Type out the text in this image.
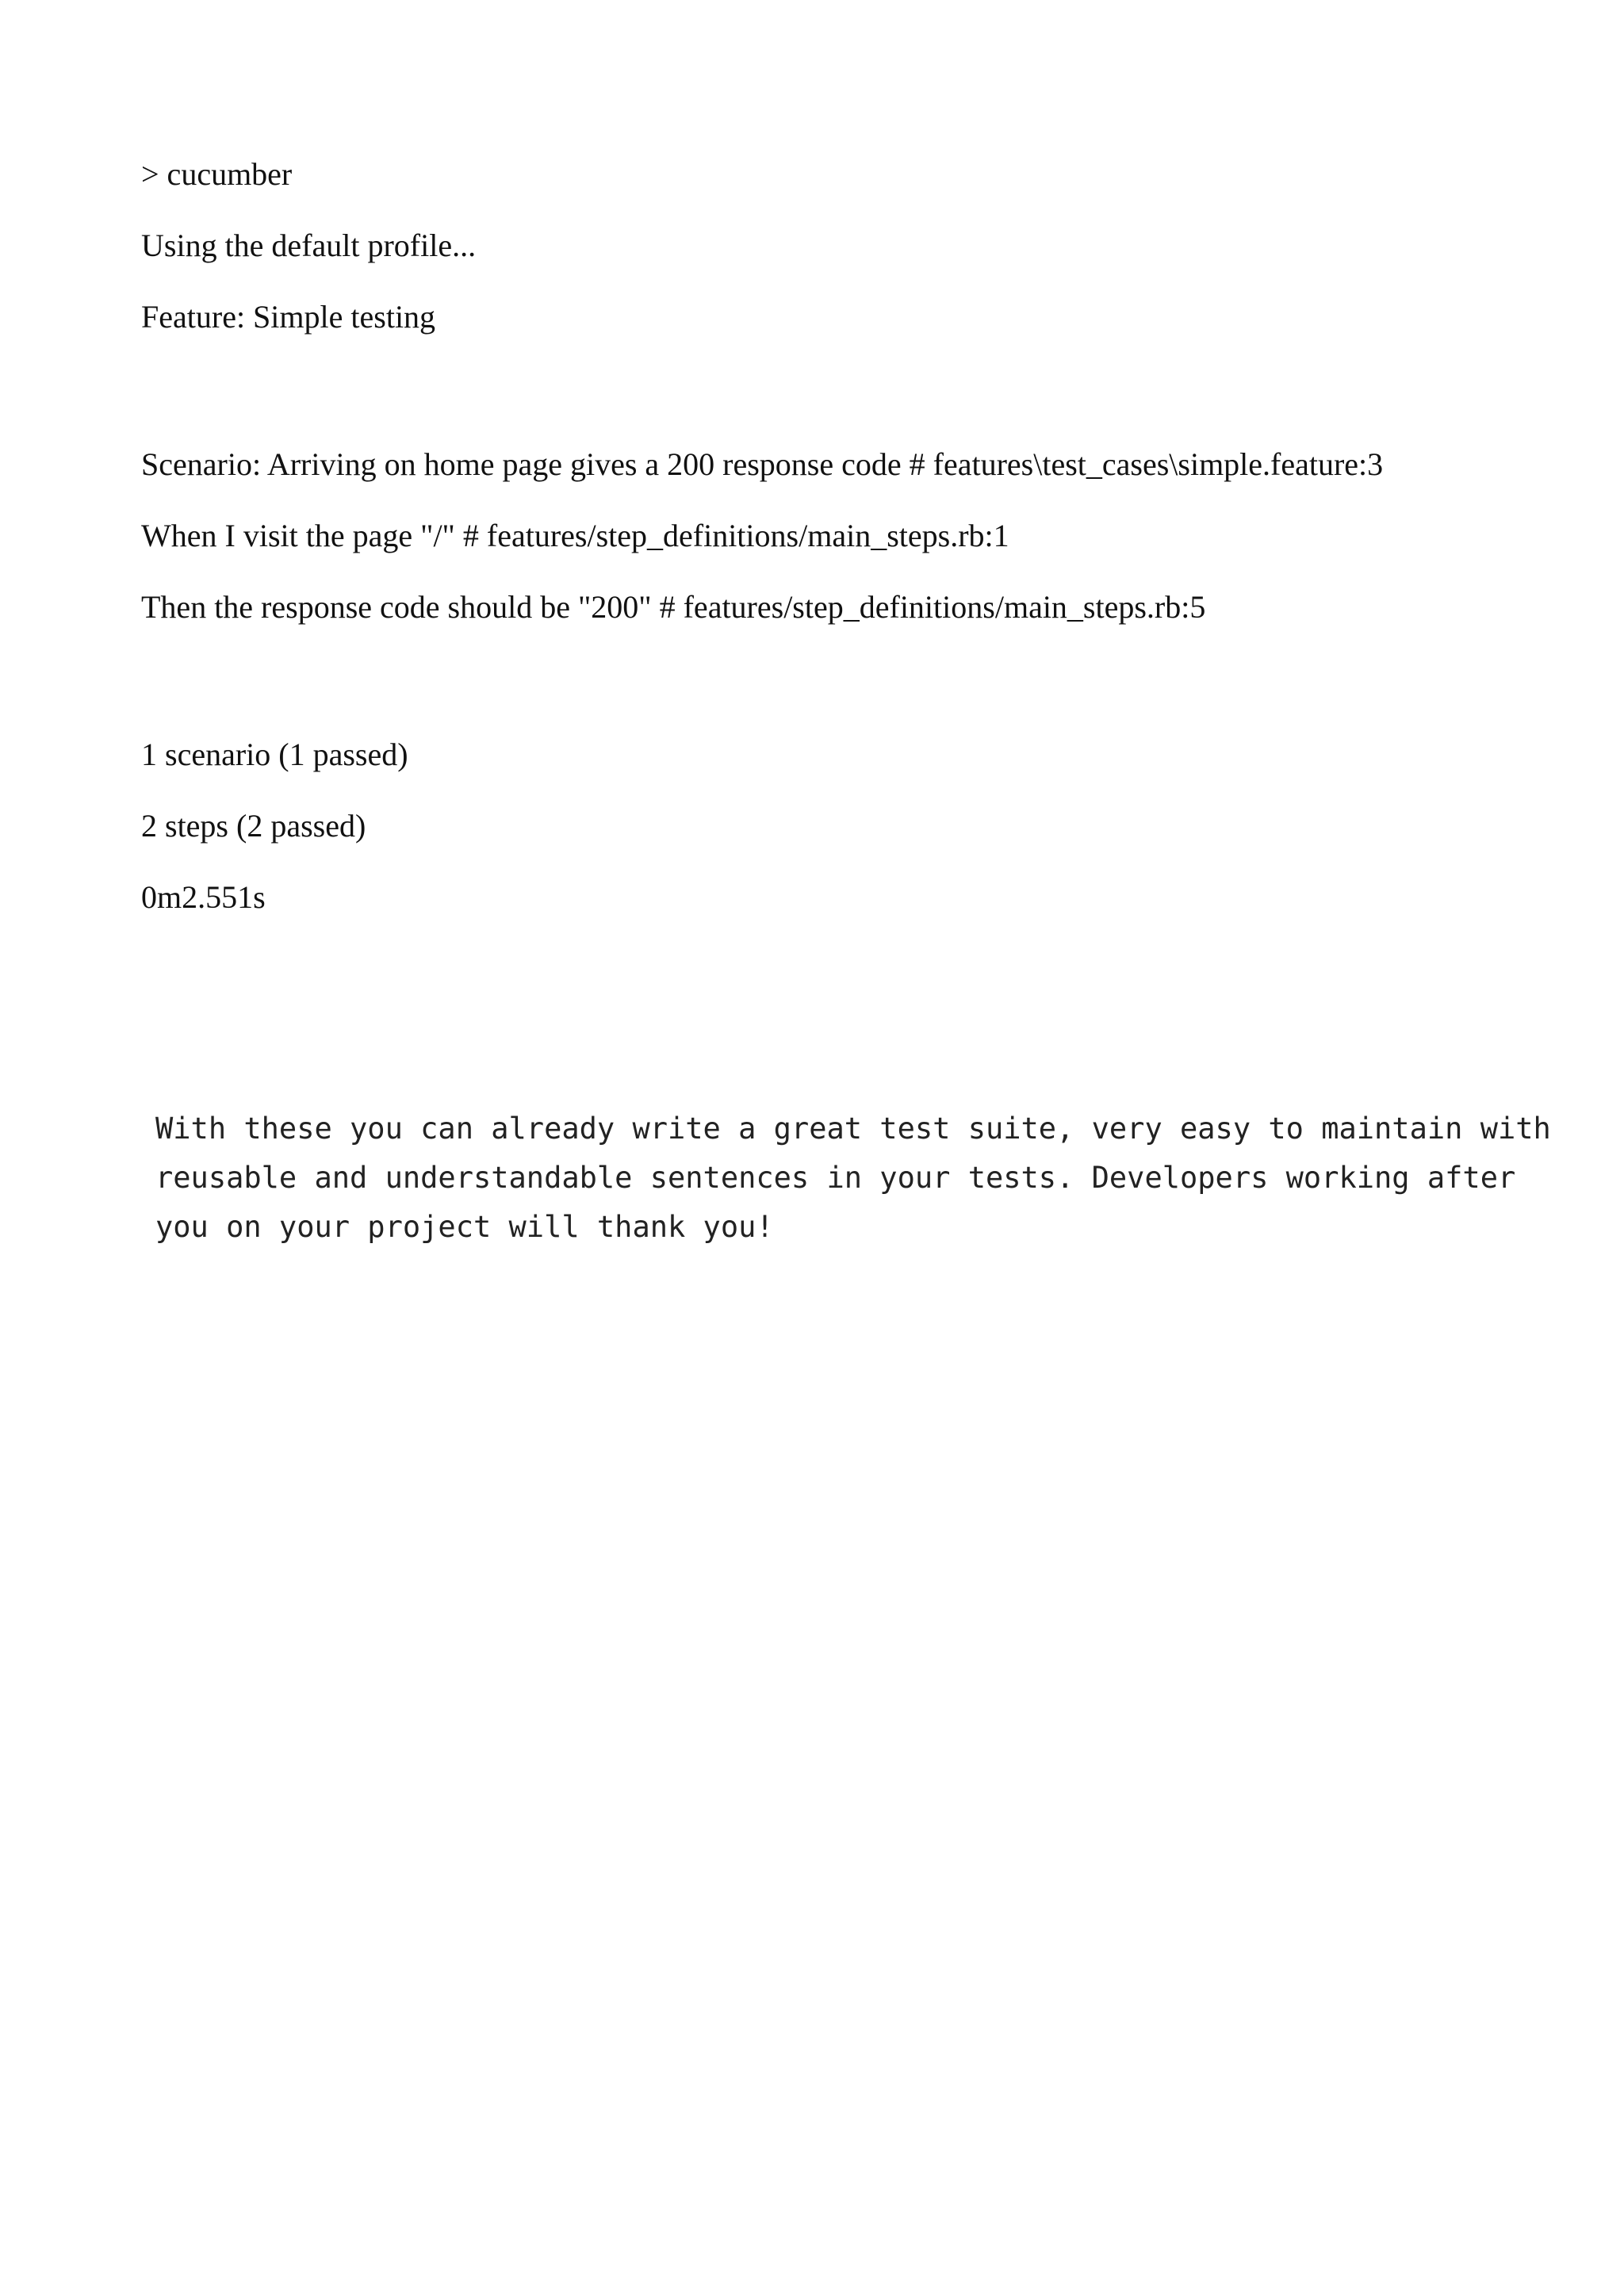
> cucumber
Using the default profile...
Feature: Simple testing
Scenario: Arriving on home page gives a 200 response code # features\test_cases\simple.feature:3
When I visit the page "/" # features/step_definitions/main_steps.rb:1
Then the response code should be "200" # features/step_definitions/main_steps.rb:5
1 scenario (1 passed)
2 steps (2 passed)
0m2.551s
With these you can already write a great test suite, very easy to maintain with
reusable and understandable sentences in your tests. Developers working after
you on your project will thank you!
